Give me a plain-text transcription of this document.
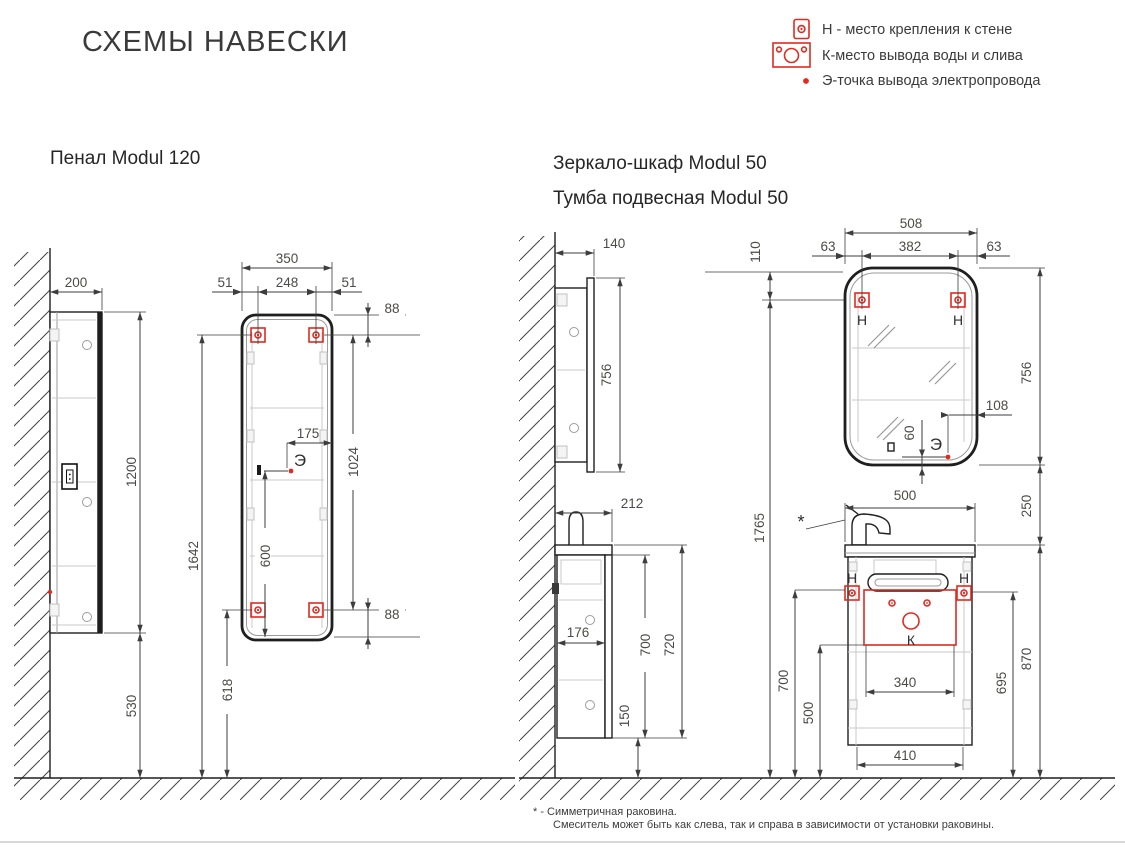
СХЕМЫ НАВЕСКИ	Н - место крепления к стене
К-место вывода воды и слива
Э-точка вывода электропровода
Пенал Modul 120	Зеркало-шкаф Modul 50
Тумба подвесная Modul 50
200
1200
530
Э
350
51	248	51
88
88
175
600
1024
1642
618
140
756
212
176
700 720
150
110
1765
Н	Н
Э
508
63	382	63
756
108
60
250
Н	Н
К
*
500
700
500
340
410
695
870
* - Симметричная раковина.
Смеситель может быть как слева, так и справа в зависимости от установки раковины.
